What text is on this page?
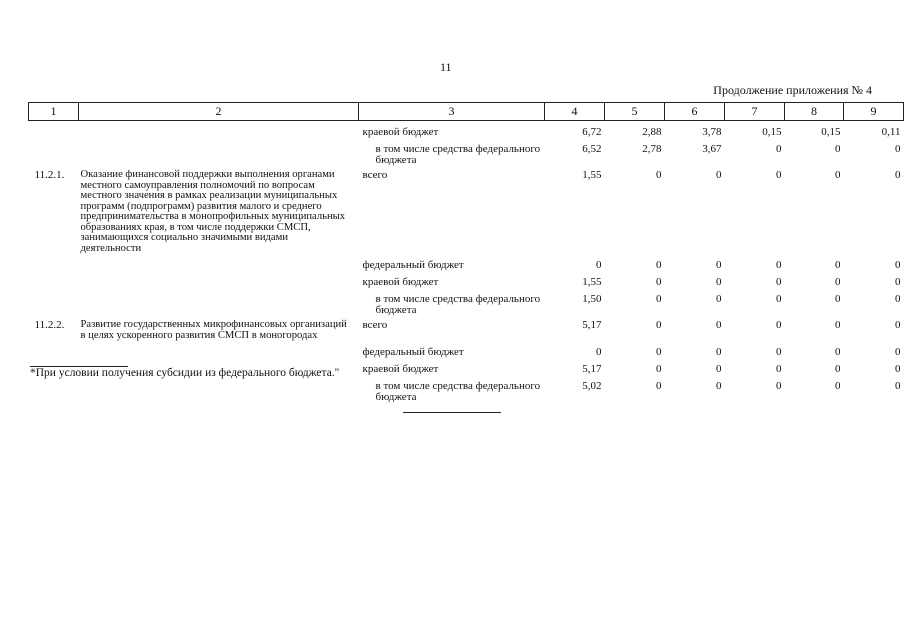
11
Продолжение приложения № 4
1	2	3	4	5	6	7	8	9
		краевой бюджет	6,72	2,88	3,78	0,15	0,15	0,11
		в том числе средства федерального бюджета	6,52	2,78	3,67	0	0	0
11.2.1.	Оказание финансовой поддержки выполнения органами местного самоуправления полномочий по вопросам местного значения в рамках реализации муниципальных программ (подпрограмм) развития малого и среднего предпринимательства в монопрофильных муниципальных образованиях края, в том числе поддержки СМСП, занимающихся социально значимыми видами деятельности	всего	1,55	0	0	0	0	0
		федеральный бюджет	0	0	0	0	0	0
		краевой бюджет	1,55	0	0	0	0	0
		в том числе средства федерального бюджета	1,50	0	0	0	0	0
11.2.2.	Развитие государственных микрофинансовых организаций в целях ускоренного развития СМСП в моногородах	всего	5,17	0	0	0	0	0
		федеральный бюджет	0	0	0	0	0	0
		краевой бюджет	5,17	0	0	0	0	0
		в том числе средства федерального бюджета	5,02	0	0	0	0	0
*При условии получения субсидии из федерального бюджета."
